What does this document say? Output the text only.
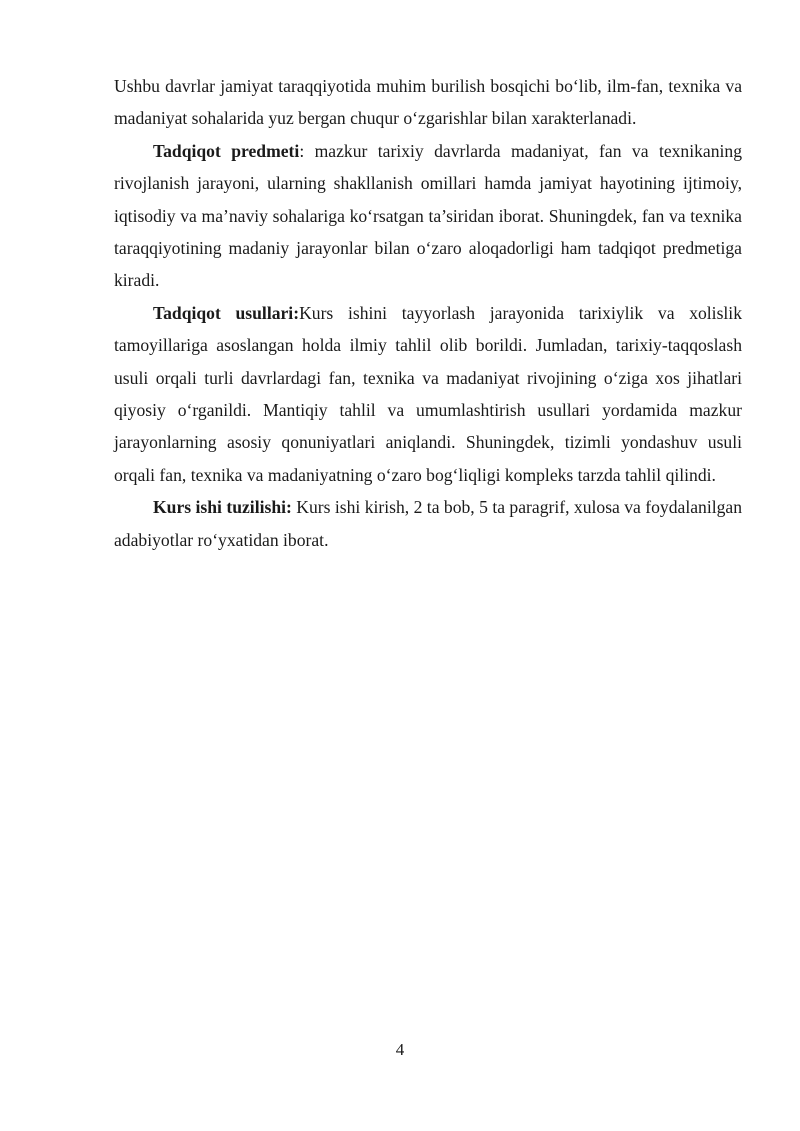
Ushbu davrlar jamiyat taraqqiyotida muhim burilish bosqichi bo‘lib, ilm-fan, texnika va madaniyat sohalarida yuz bergan chuqur o‘zgarishlar bilan xarakterlanadi.

Tadqiqot predmeti: mazkur tarixiy davrlarda madaniyat, fan va texnikaning rivojlanish jarayoni, ularning shakllanish omillari hamda jamiyat hayotining ijtimoiy, iqtisodiy va ma’naviy sohalariga ko‘rsatgan ta’siridan iborat. Shuningdek, fan va texnika taraqqiyotining madaniy jarayonlar bilan o‘zaro aloqadorligi ham tadqiqot predmetiga kiradi.

Tadqiqot usullari:Kurs ishini tayyorlash jarayonida tarixiylik va xolislik tamoyillariga asoslangan holda ilmiy tahlil olib borildi. Jumladan, tarixiy-taqqoslash usuli orqali turli davrlardagi fan, texnika va madaniyat rivojining o‘ziga xos jihatlari qiyosiy o‘rganildi. Mantiqiy tahlil va umumlashtirish usullari yordamida mazkur jarayonlarning asosiy qonuniyatlari aniqlandi. Shuningdek, tizimli yondashuv usuli orqali fan, texnika va madaniyatning o‘zaro bog‘liqligi kompleks tarzda tahlil qilindi.

Kurs ishi tuzilishi: Kurs ishi kirish, 2 ta bob, 5 ta paragrif, xulosa va foydalanilgan adabiyotlar ro‘yxatidan iborat.

4
